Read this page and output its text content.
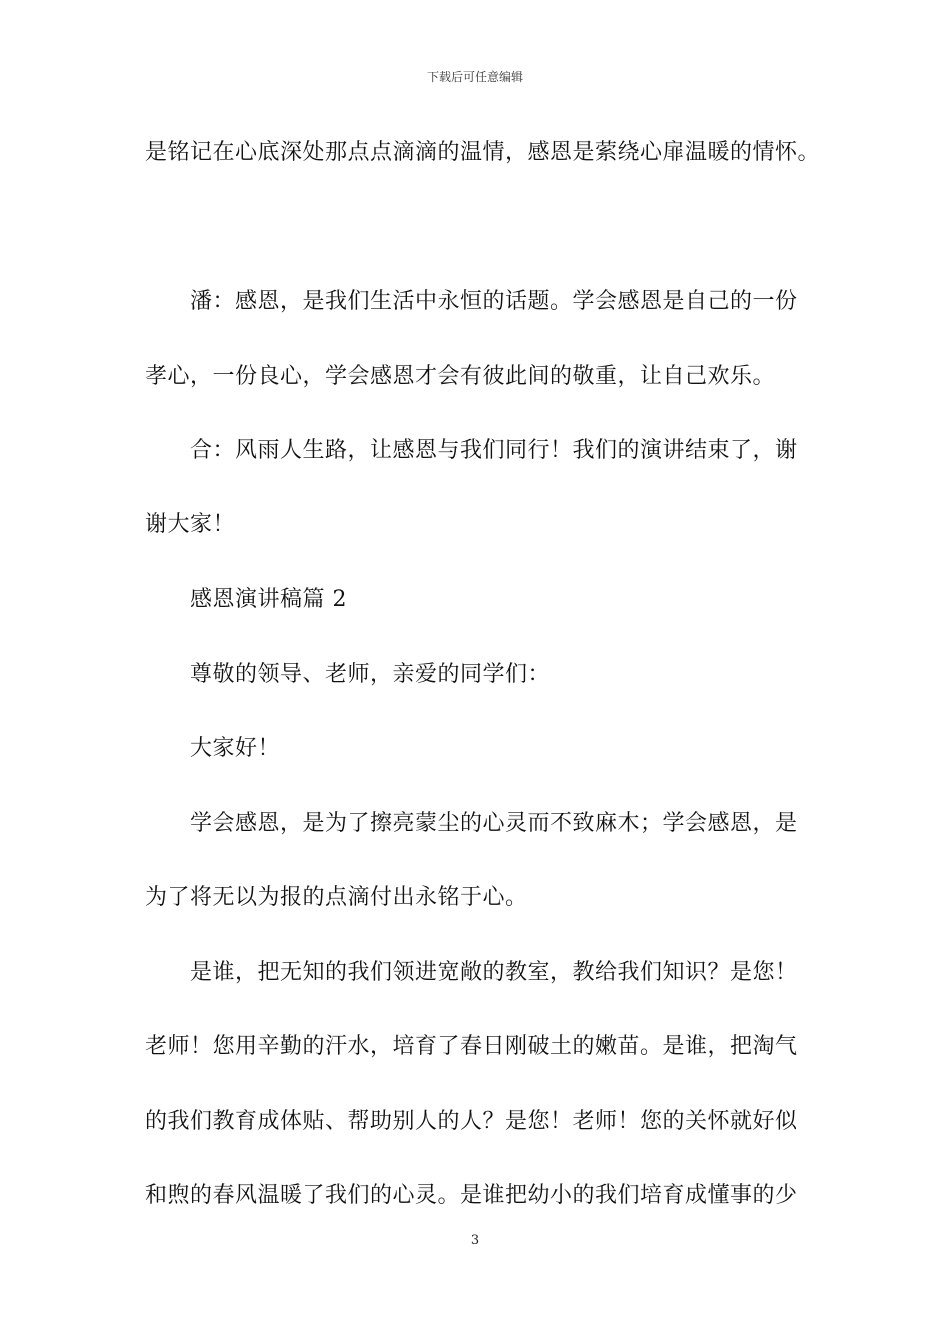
下载后可任意编辑
是铭记在心底深处那点点滴滴的温情，感恩是萦绕心扉温暖的情怀。
潘：感恩，是我们生活中永恒的话题。学会感恩是自己的一份
孝心，一份良心，学会感恩才会有彼此间的敬重，让自己欢乐。
合：风雨人生路，让感恩与我们同行！我们的演讲结束了，谢
谢大家！
感恩演讲稿篇 2
尊敬的领导、老师，亲爱的同学们：
大家好！
学会感恩，是为了擦亮蒙尘的心灵而不致麻木；学会感恩，是
为了将无以为报的点滴付出永铭于心。
是谁，把无知的我们领进宽敞的教室，教给我们知识？是您！
老师！您用辛勤的汗水，培育了春日刚破土的嫩苗。是谁，把淘气
的我们教育成体贴、帮助别人的人？是您！老师！您的关怀就好似
和煦的春风温暖了我们的心灵。是谁把幼小的我们培育成懂事的少
3
